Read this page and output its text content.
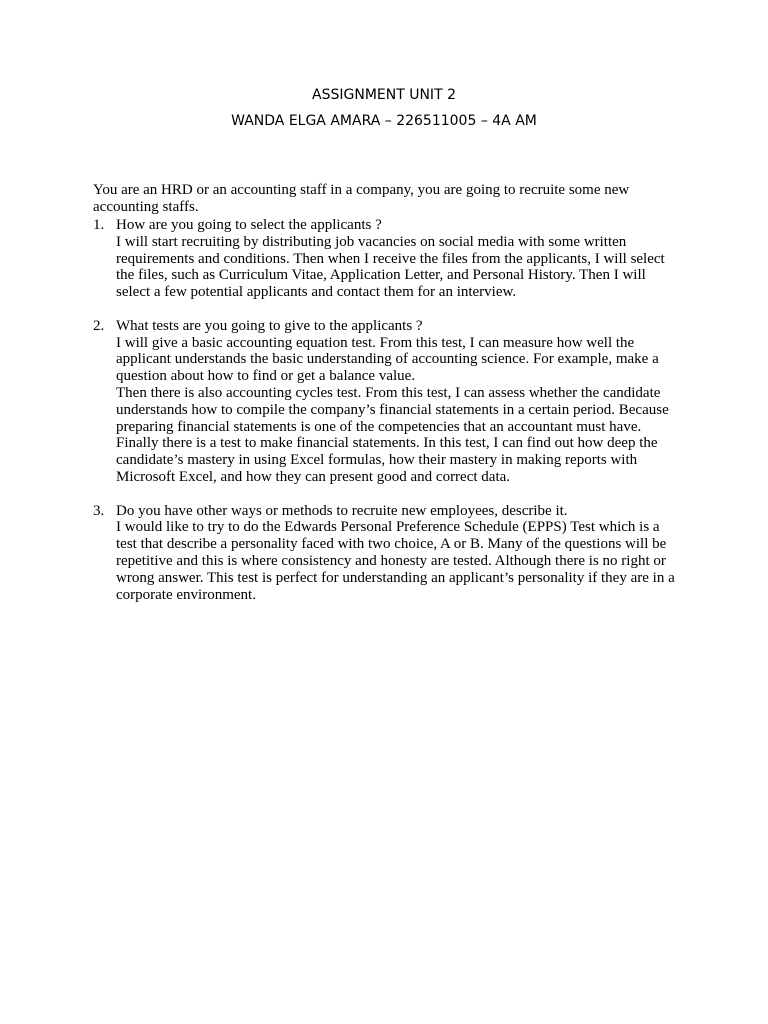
ASSIGNMENT UNIT 2
WANDA ELGA AMARA – 226511005 – 4A AM

You are an HRD or an accounting staff in a company, you are going to recruite some new accounting staffs.

1. How are you going to select the applicants ?
I will start recruiting by distributing job vacancies on social media with some written requirements and conditions. Then when I receive the files from the applicants, I will select the files, such as Curriculum Vitae, Application Letter, and Personal History. Then I will select a few potential applicants and contact them for an interview.
2. What tests are you going to give to the applicants ?
I will give a basic accounting equation test. From this test, I can measure how well the applicant understands the basic understanding of accounting science. For example, make a question about how to find or get a balance value.
Then there is also accounting cycles test. From this test, I can assess whether the candidate understands how to compile the company’s financial statements in a certain period. Because preparing financial statements is one of the competencies that an accountant must have.
Finally there is a test to make financial statements. In this test, I can find out how deep the candidate’s mastery in using Excel formulas, how their mastery in making reports with Microsoft Excel, and how they can present good and correct data.
3. Do you have other ways or methods to recruite new employees, describe it.
I would like to try to do the Edwards Personal Preference Schedule (EPPS) Test which is a test that describe a personality faced with two choice, A or B. Many of the questions will be repetitive and this is where consistency and honesty are tested. Although there is no right or wrong answer. This test is perfect for understanding an applicant’s personality if they are in a corporate environment.
